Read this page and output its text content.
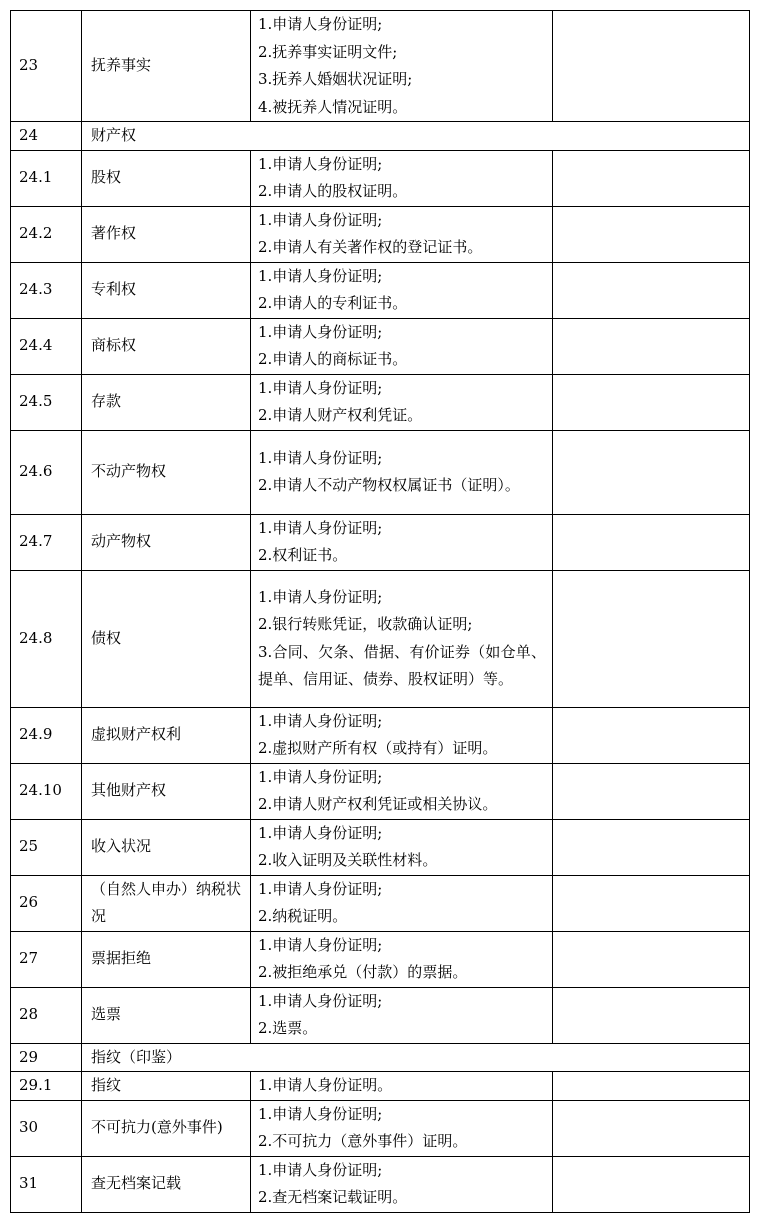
23	抚养事实	1.申请人身份证明;
2.抚养事实证明文件;
3.抚养人婚姻状况证明;
4.被抚养人情况证明。	

24	财产权		
24.1	股权	1.申请人身份证明;
2.申请人的股权证明。	

24.2	著作权	1.申请人身份证明;
2.申请人有关著作权的登记证书。	

24.3	专利权	1.申请人身份证明;
2.申请人的专利证书。	

24.4	商标权	1.申请人身份证明;
2.申请人的商标证书。	

24.5	存款	1.申请人身份证明;
2.申请人财产权利凭证。	

24.6	不动产物权	1.申请人身份证明;
2.申请人不动产物权权属证书（证明）。	

24.7	动产物权	1.申请人身份证明;
2.权利证书。	

24.8	债权	1.申请人身份证明;
2.银行转账凭证，收款确认证明;
3.合同、欠条、借据、有价证券（如仓单、提单、信用证、债券、股权证明）等。	

24.9	虚拟财产权利	1.申请人身份证明;
2.虚拟财产所有权（或持有）证明。	

24.10	其他财产权	1.申请人身份证明;
2.申请人财产权利凭证或相关协议。	

25	收入状况	1.申请人身份证明;
2.收入证明及关联性材料。	

26	（自然人申办）纳税状况	1.申请人身份证明;
2.纳税证明。	

27	票据拒绝	1.申请人身份证明;
2.被拒绝承兑（付款）的票据。	

28	选票	1.申请人身份证明;
2.选票。	

29	指纹（印鉴）		
29.1	指纹	1.申请人身份证明。	

30	不可抗力(意外事件)	1.申请人身份证明;
2.不可抗力（意外事件）证明。	

31	查无档案记载	1.申请人身份证明;
2.查无档案记载证明。	
